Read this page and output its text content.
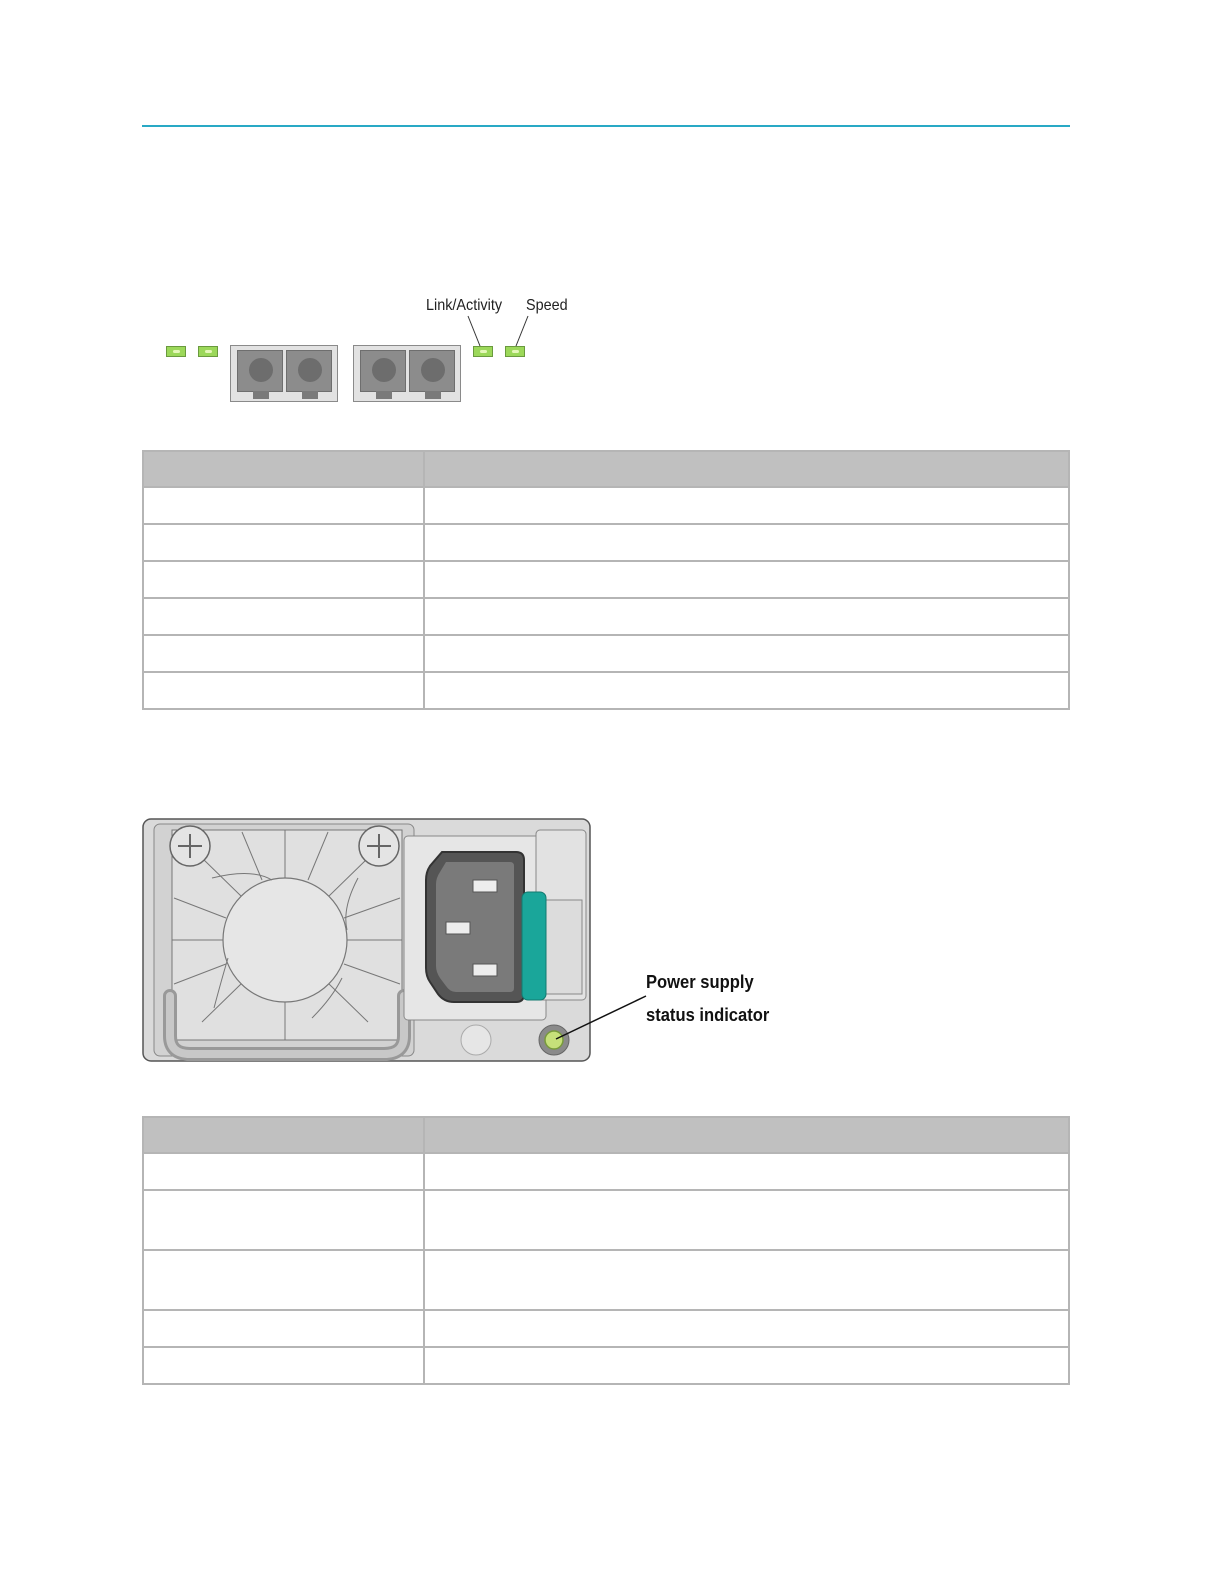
Link/Activity Speed

Power supply
status indicator
